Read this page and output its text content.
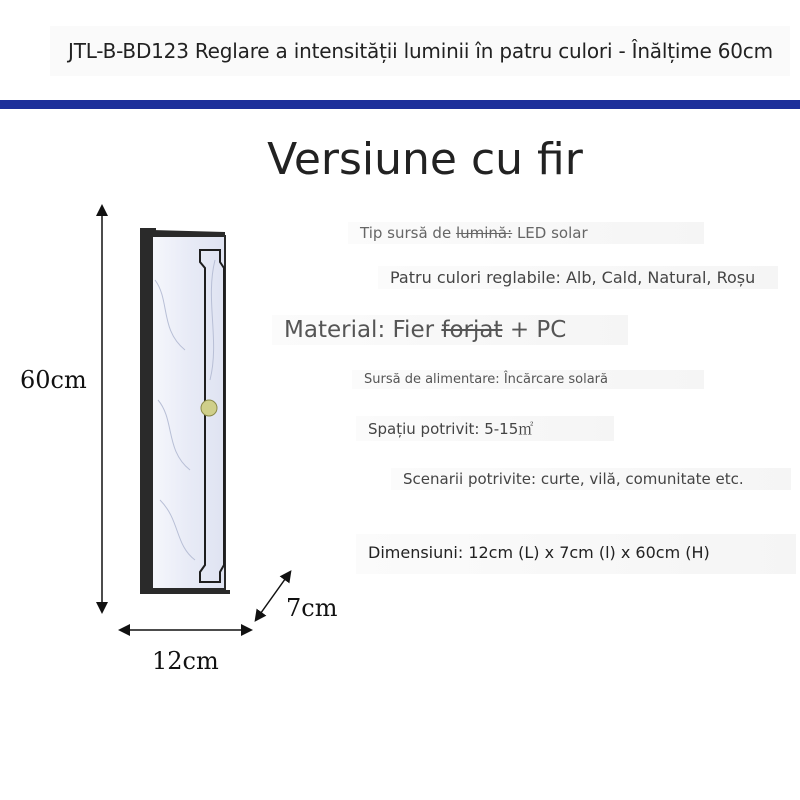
JTL-B-BD123 Reglare a intensității luminii în patru culori - Înălțime 60cm
Versiune cu fir
60cm
7cm
12cm
Tip sursă de lumină: LED solar
Patru culori reglabile: Alb, Cald, Natural, Roșu
Material: Fier forjat + PC
Sursă de alimentare: Încărcare solară
Spațiu potrivit: 5-15㎡
Scenarii potrivite: curte, vilă, comunitate etc.
Dimensiuni: 12cm (L) x 7cm (l) x 60cm (H)
